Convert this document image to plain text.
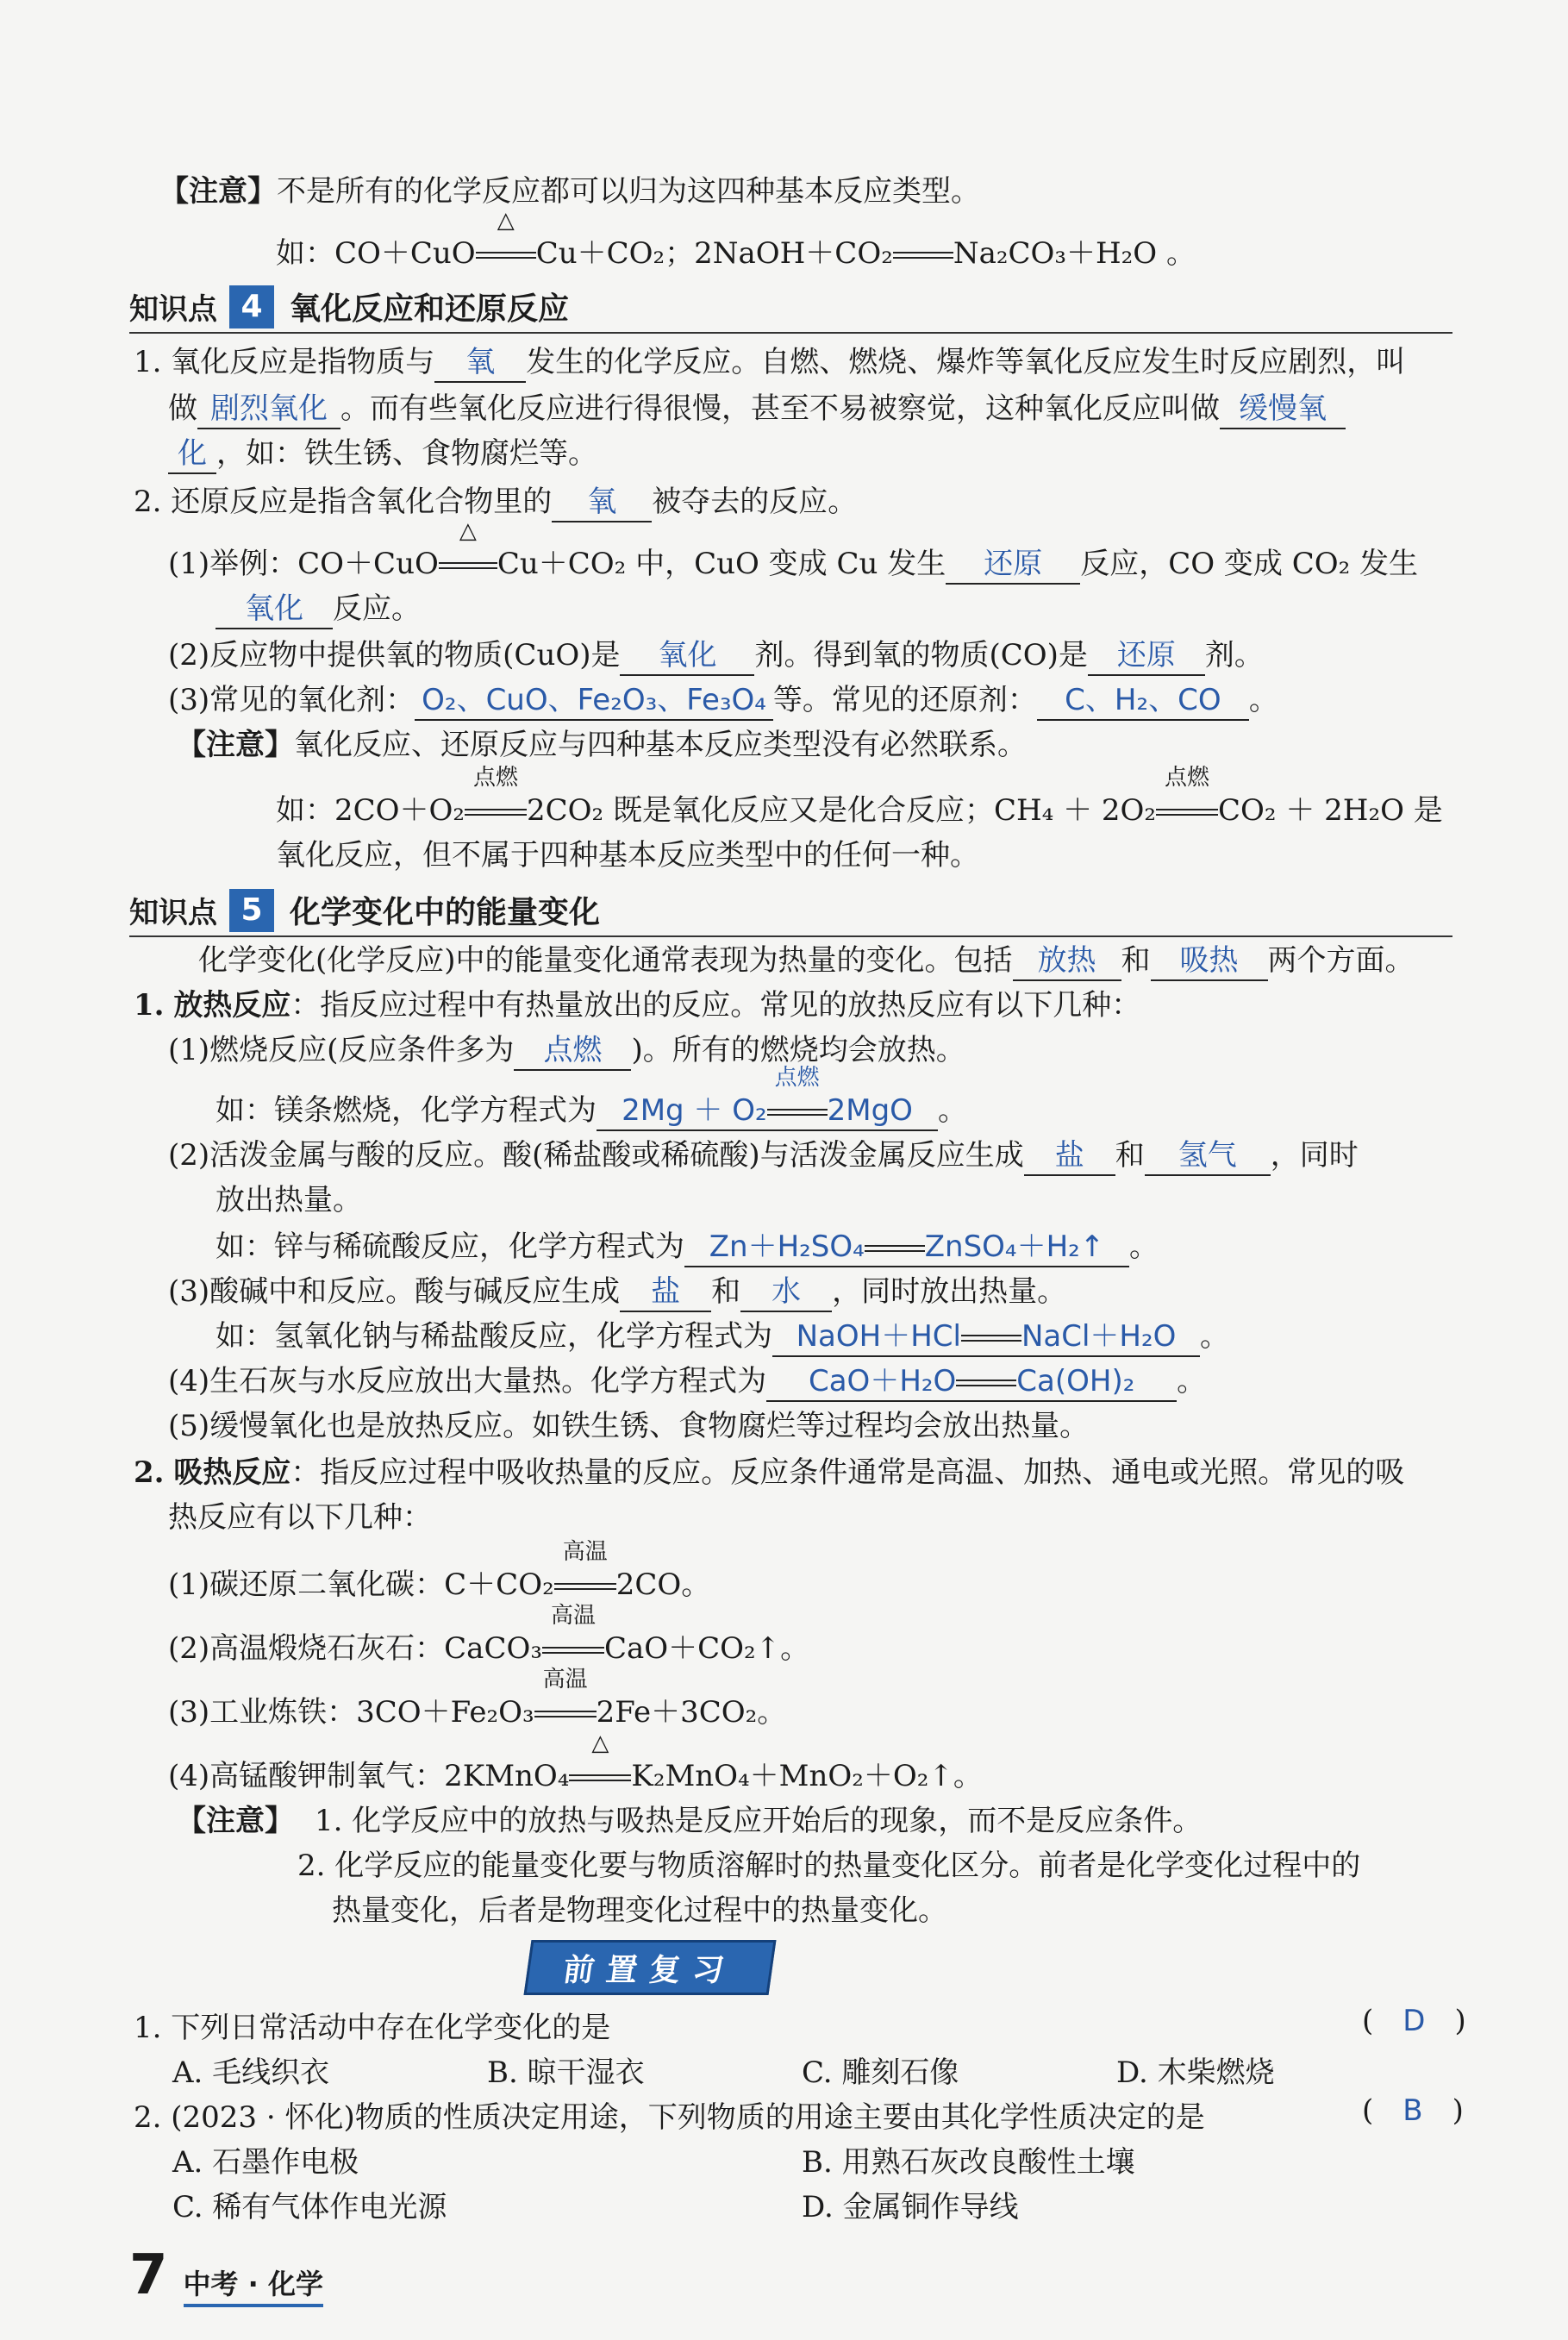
【注意】不是所有的化学反应都可以归为这四种基本反应类型。
如：CO＋CuO
△
Cu＋CO₂；2NaOH＋CO₂ Na₂CO₃＋H₂O 。
知识点 4 氧化反应和还原反应
1. 氧化反应是指物质与 氧 发生的化学反应。自燃、燃烧、爆炸等氧化反应发生时反应剧烈，叫
做 剧烈氧化 。而有些氧化反应进行得很慢，甚至不易被察觉，这种氧化反应叫做 缓慢氧
化 ，如：铁生锈、食物腐烂等。
2. 还原反应是指含氧化合物里的 氧 被夺去的反应。
(1)举例：CO＋CuO
△
Cu＋CO₂ 中，CuO 变成 Cu 发生 还原 反应，CO 变成 CO₂ 发生
氧化 反应。
(2)反应物中提供氧的物质(CuO)是 氧化 剂。得到氧的物质(CO)是 还原 剂。
(3)常见的氧化剂： O₂、CuO、Fe₂O₃、Fe₃O₄ 等。常见的还原剂： C、H₂、CO 。
【注意】氧化反应、还原反应与四种基本反应类型没有必然联系。
如：2CO＋O₂
点燃
2CO₂ 既是氧化反应又是化合反应；CH₄ ＋ 2O₂
点燃
CO₂ ＋ 2H₂O 是
氧化反应，但不属于四种基本反应类型中的任何一种。
知识点 5 化学变化中的能量变化
化学变化(化学反应)中的能量变化通常表现为热量的变化。包括 放热 和 吸热 两个方面。
1. 放热反应：指反应过程中有热量放出的反应。常见的放热反应有以下几种：
(1)燃烧反应(反应条件多为 点燃 )。所有的燃烧均会放热。
如：镁条燃烧，化学方程式为 2Mg ＋ O₂
点燃
2MgO 。
(2)活泼金属与酸的反应。酸(稀盐酸或稀硫酸)与活泼金属反应生成 盐 和 氢气 ，同时
放出热量。
如：锌与稀硫酸反应，化学方程式为 Zn＋H₂SO₄ ZnSO₄＋H₂↑ 。
(3)酸碱中和反应。酸与碱反应生成 盐 和 水 ，同时放出热量。
如：氢氧化钠与稀盐酸反应，化学方程式为 NaOH＋HCl NaCl＋H₂O 。
(4)生石灰与水反应放出大量热。化学方程式为 CaO＋H₂O Ca(OH)₂ 。
(5)缓慢氧化也是放热反应。如铁生锈、食物腐烂等过程均会放出热量。
2. 吸热反应：指反应过程中吸收热量的反应。反应条件通常是高温、加热、通电或光照。常见的吸
热反应有以下几种：
(1)碳还原二氧化碳：C＋CO₂
高温
2CO。
(2)高温煅烧石灰石：CaCO₃
高温
CaO＋CO₂↑。
(3)工业炼铁：3CO＋Fe₂O₃
高温
2Fe＋3CO₂。
(4)高锰酸钾制氧气：2KMnO₄
△
K₂MnO₄＋MnO₂＋O₂↑。
【注意】 1. 化学反应中的放热与吸热是反应开始后的现象，而不是反应条件。
2. 化学反应的能量变化要与物质溶解时的热量变化区分。前者是化学变化过程中的
热量变化，后者是物理变化过程中的热量变化。
前置复习
1. 下列日常活动中存在化学变化的是	(　D　)
A. 毛线织衣	B. 晾干湿衣	C. 雕刻石像	D. 木柴燃烧
2. (2023 · 怀化)物质的性质决定用途，下列物质的用途主要由其化学性质决定的是	(　B　)
A. 石墨作电极	B. 用熟石灰改良酸性土壤
C. 稀有气体作电光源	D. 金属铜作导线
7 中考 · 化学
